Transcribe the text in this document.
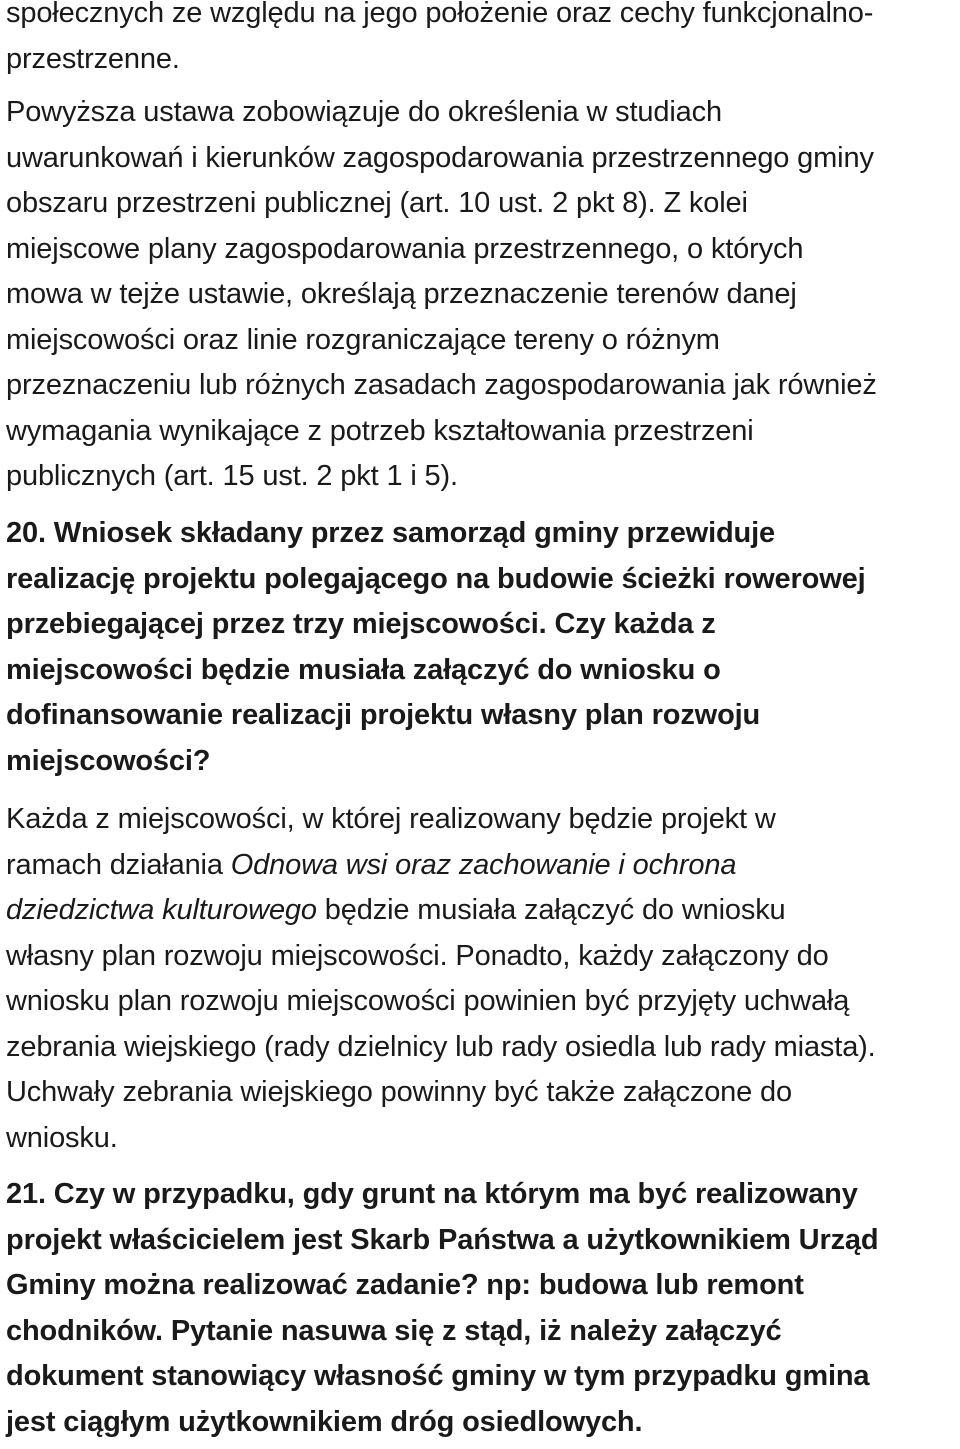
społecznych ze względu na jego położenie oraz cechy funkcjonalno-
przestrzenne.

Powyższa ustawa zobowiązuje do określenia w studiach
uwarunkowań i kierunków zagospodarowania przestrzennego gminy
obszaru przestrzeni publicznej (art. 10 ust. 2 pkt 8). Z kolei
miejscowe plany zagospodarowania przestrzennego, o których
mowa w tejże ustawie, określają przeznaczenie terenów danej
miejscowości oraz linie rozgraniczające tereny o różnym
przeznaczeniu lub różnych zasadach zagospodarowania jak również
wymagania wynikające z potrzeb kształtowania przestrzeni
publicznych (art. 15 ust. 2 pkt 1 i 5).

20. Wniosek składany przez samorząd gminy przewiduje
realizację projektu polegającego na budowie ścieżki rowerowej
przebiegającej przez trzy miejscowości. Czy każda z
miejscowości będzie musiała załączyć do wniosku o
dofinansowanie realizacji projektu własny plan rozwoju
miejscowości?

Każda z miejscowości, w której realizowany będzie projekt w
ramach działania Odnowa wsi oraz zachowanie i ochrona
dziedzictwa kulturowego będzie musiała załączyć do wniosku
własny plan rozwoju miejscowości. Ponadto, każdy załączony do
wniosku plan rozwoju miejscowości powinien być przyjęty uchwałą
zebrania wiejskiego (rady dzielnicy lub rady osiedla lub rady miasta).
Uchwały zebrania wiejskiego powinny być także załączone do
wniosku.

21. Czy w przypadku, gdy grunt na którym ma być realizowany
projekt właścicielem jest Skarb Państwa a użytkownikiem Urząd
Gminy można realizować zadanie? np: budowa lub remont
chodników. Pytanie nasuwa się z stąd, iż należy załączyć
dokument stanowiący własność gminy w tym przypadku gmina
jest ciągłym użytkownikiem dróg osiedlowych.
